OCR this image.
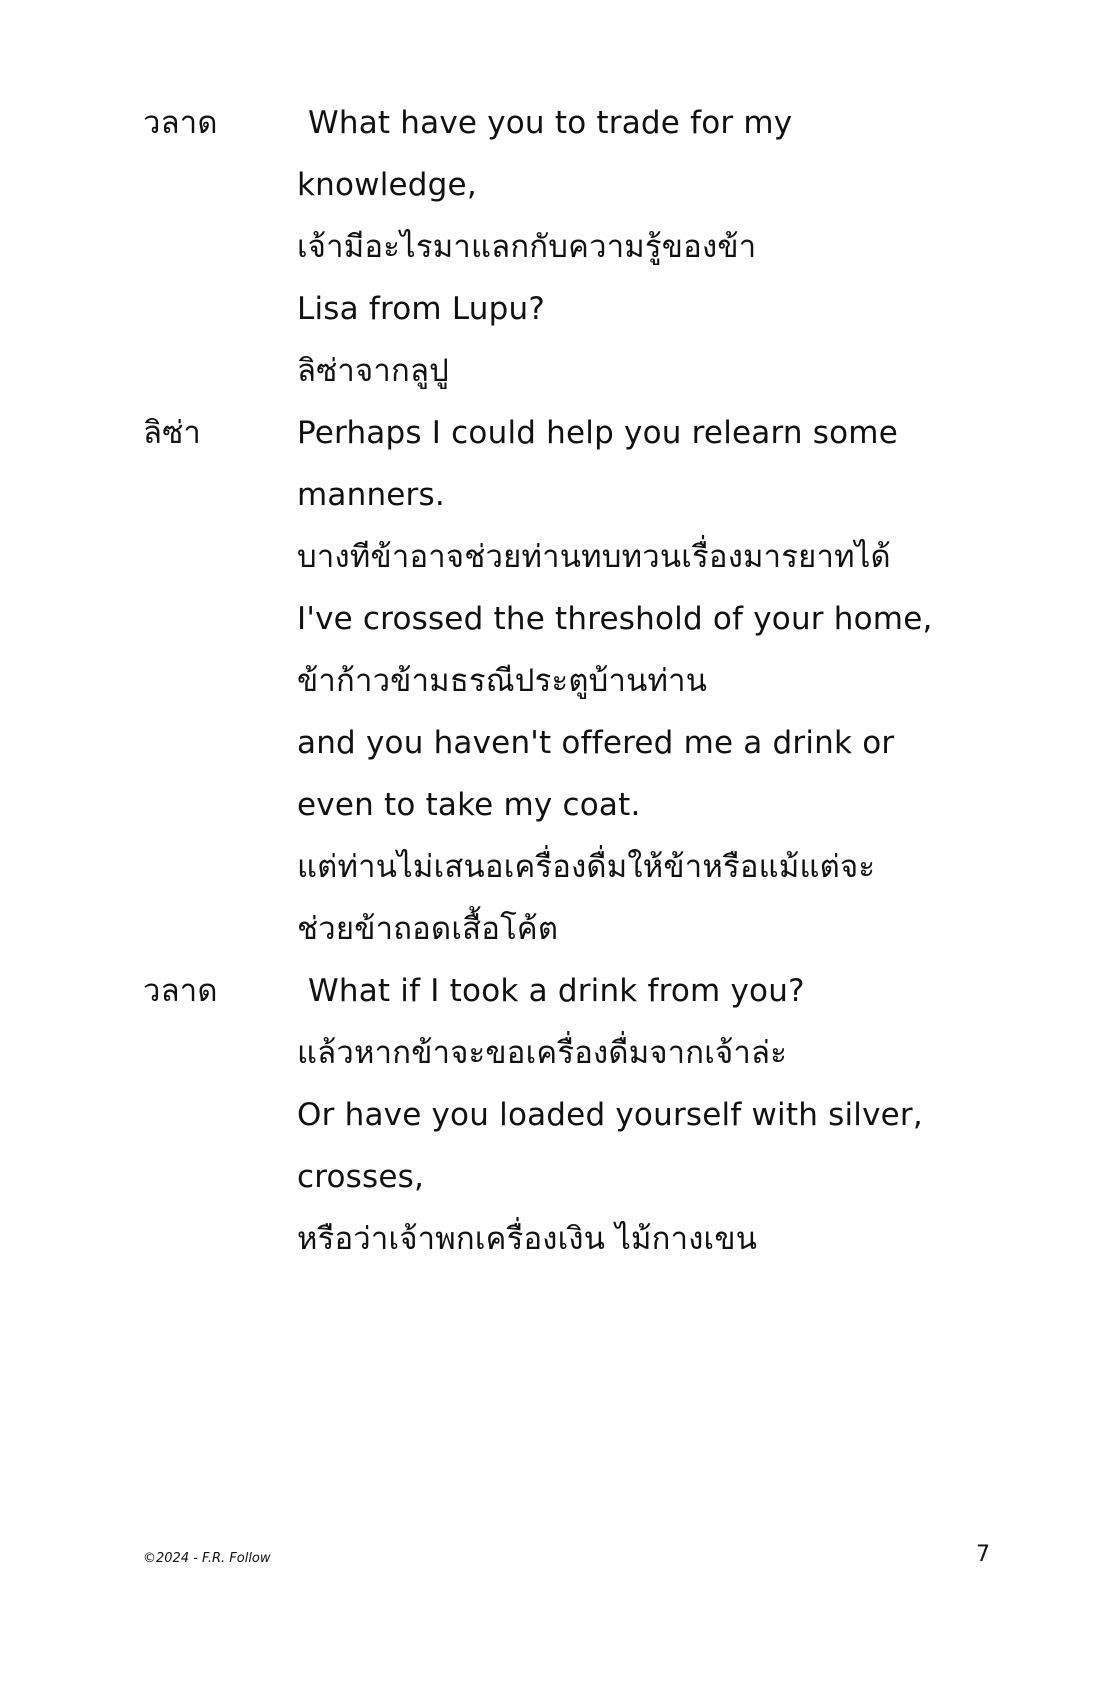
วลาด	What have you to trade for my
knowledge,
เจ้ามีอะไรมาแลกกับความรู้ของข้า
Lisa from Lupu?
ลิซ่าจากลูปู
ลิซ่า	Perhaps I could help you relearn some
manners.
บางทีข้าอาจช่วยท่านทบทวนเรื่องมารยาทได้
I've crossed the threshold of your home,
ข้าก้าวข้ามธรณีประตูบ้านท่าน
and you haven't offered me a drink or
even to take my coat.
แต่ท่านไม่เสนอเครื่องดื่มให้ข้าหรือแม้แต่จะ
ช่วยข้าถอดเสื้อโค้ต
วลาด	What if I took a drink from you?
แล้วหากข้าจะขอเครื่องดื่มจากเจ้าล่ะ
Or have you loaded yourself with silver,
crosses,
หรือว่าเจ้าพกเครื่องเงิน ไม้กางเขน
©2024 - F.R. Follow	7
